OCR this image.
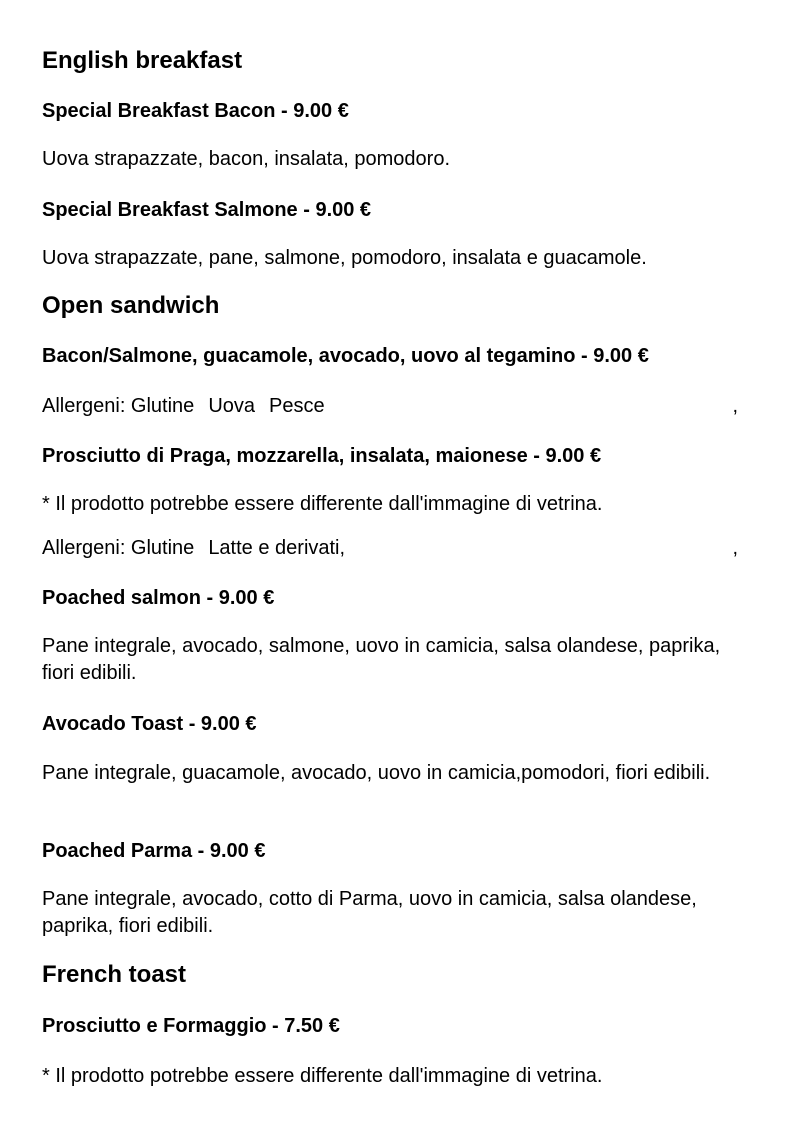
English breakfast
Special Breakfast Bacon - 9.00 €
Uova strapazzate, bacon, insalata, pomodoro.
Special Breakfast Salmone - 9.00 €
Uova strapazzate, pane, salmone, pomodoro, insalata e guacamole.
Open sandwich
Bacon/Salmone, guacamole, avocado, uovo al tegamino - 9.00 €
Allergeni: Glutine Uova Pesce	,
Prosciutto di Praga, mozzarella, insalata, maionese - 9.00 €
* Il prodotto potrebbe essere differente dall'immagine di vetrina.
Allergeni: Glutine Latte e derivati,	,
Poached salmon - 9.00 €
Pane integrale, avocado, salmone, uovo in camicia, salsa olandese, paprika, fiori edibili.
Avocado Toast - 9.00 €
Pane integrale, guacamole, avocado, uovo in camicia,pomodori, fiori edibili.
Poached Parma - 9.00 €
Pane integrale, avocado, cotto di Parma, uovo in camicia, salsa olandese, paprika, fiori edibili.
French toast
Prosciutto e Formaggio - 7.50 €
* Il prodotto potrebbe essere differente dall'immagine di vetrina.
